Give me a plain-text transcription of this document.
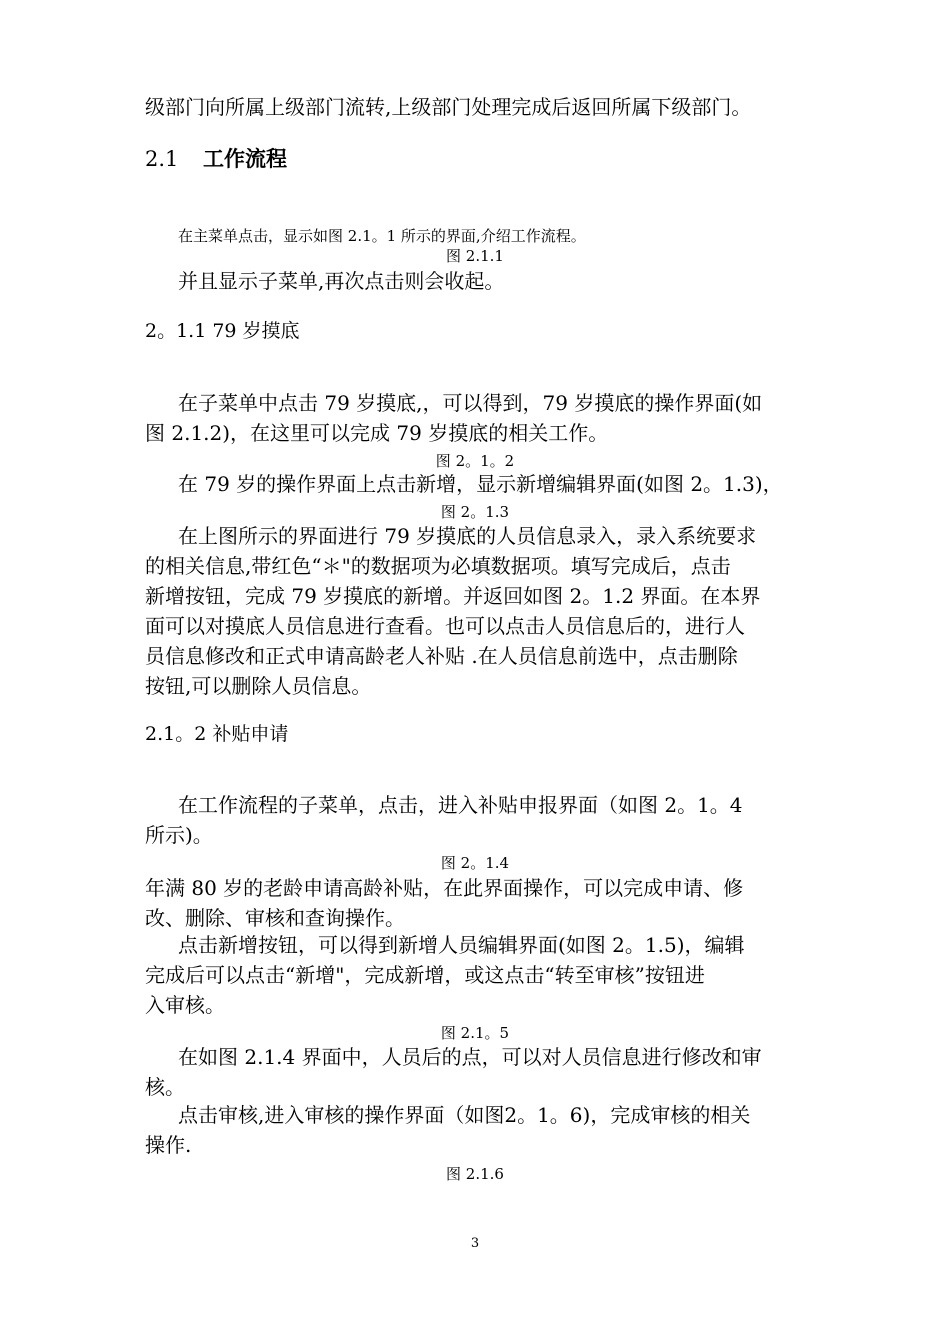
级部门向所属上级部门流转,上级部门处理完成后返回所属下级部门。
2.1 工作流程
在主菜单点击，显示如图 2.1。1 所示的界面,介绍工作流程。
图 2.1.1
并且显示子菜单,再次点击则会收起。
2。1.1 79 岁摸底
在子菜单中点击 79 岁摸底,，可以得到，79 岁摸底的操作界面(如
图 2.1.2)，在这里可以完成 79 岁摸底的相关工作。
图 2。1。2
在 79 岁的操作界面上点击新增，显示新增编辑界面(如图 2。1.3)，
图 2。1.3
在上图所示的界面进行 79 岁摸底的人员信息录入，录入系统要求
的相关信息,带红色“＊"的数据项为必填数据项。填写完成后，点击
新增按钮，完成 79 岁摸底的新增。并返回如图 2。1.2 界面。在本界
面可以对摸底人员信息进行查看。也可以点击人员信息后的，进行人
员信息修改和正式申请高龄老人补贴 .在人员信息前选中，点击删除
按钮,可以删除人员信息。
2.1。2 补贴申请
在工作流程的子菜单，点击，进入补贴申报界面（如图 2。1。4
所示)。
图 2。1.4
年满 80 岁的老龄申请高龄补贴，在此界面操作，可以完成申请、修
改、删除、审核和查询操作。
点击新增按钮，可以得到新增人员编辑界面(如图 2。1.5)，编辑
完成后可以点击“新增"，完成新增，或这点击“转至审核”按钮进
入审核。
图 2.1。5
在如图 2.1.4 界面中，人员后的点，可以对人员信息进行修改和审
核。
点击审核,进入审核的操作界面（如图2。1。6)，完成审核的相关
操作.
图 2.1.6
3
